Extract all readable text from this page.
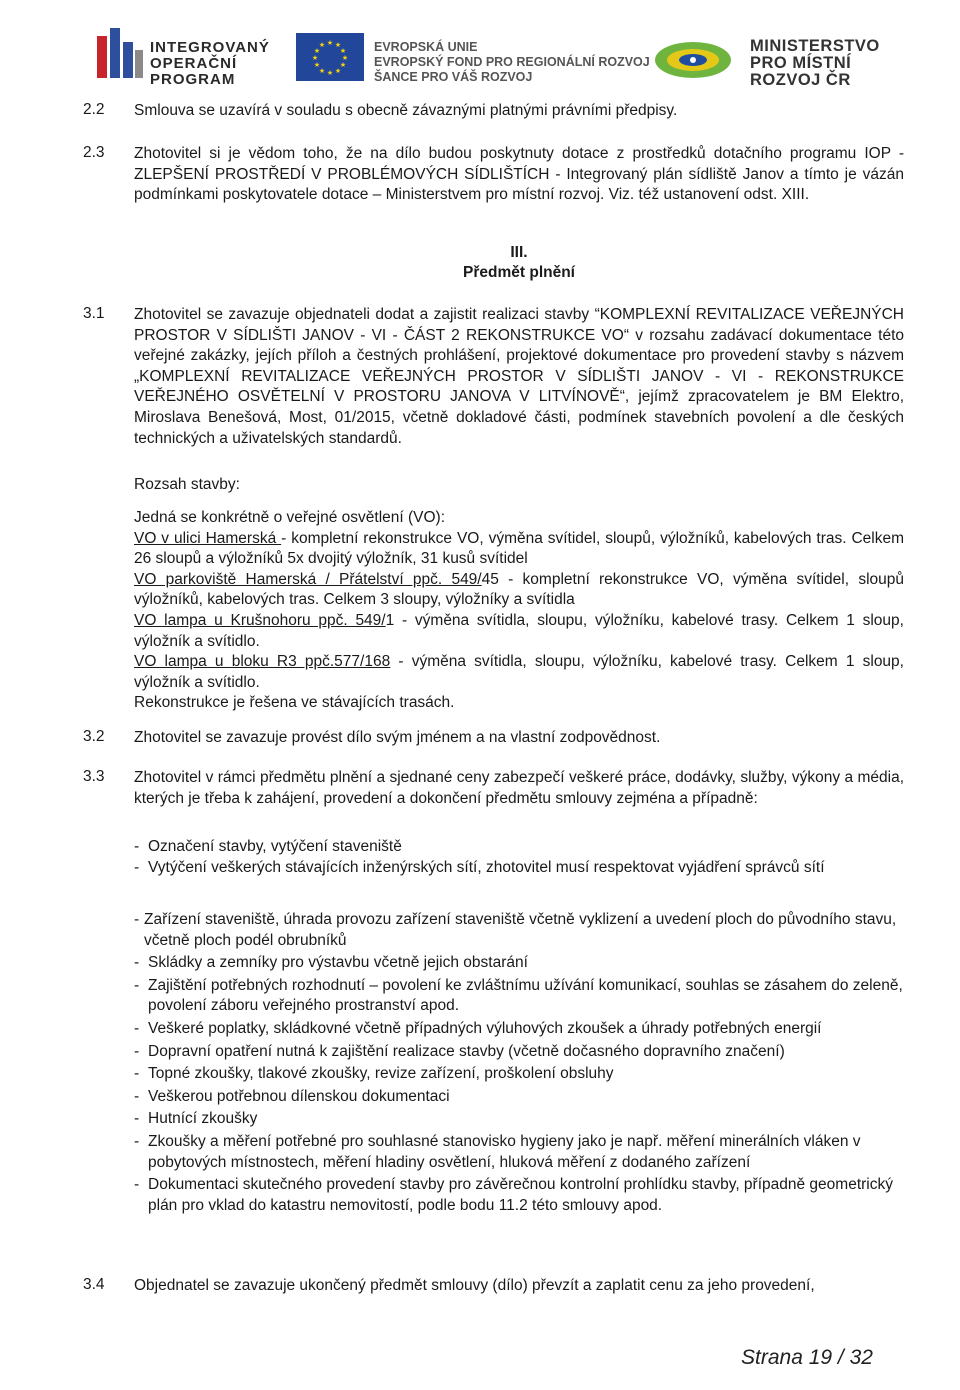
INTEGROVANÝ
OPERAČNÍ
PROGRAM
★ ★
★
★
★
★
★
★
★
★
★
★	EVROPSKÁ UNIE
EVROPSKÝ FOND PRO REGIONÁLNÍ ROZVOJ
ŠANCE PRO VÁŠ ROZVOJ
MINISTERSTVO
PRO MÍSTNÍ
ROZVOJ ČR
2.2 Smlouva se uzavírá v souladu s obecně závaznými platnými právními předpisy.
2.3 Zhotovitel si je vědom toho, že na dílo budou poskytnuty dotace z prostředků dotačního programu IOP - ZLEPŠENÍ PROSTŘEDÍ V PROBLÉMOVÝCH SÍDLIŠTÍCH - Integrovaný plán sídliště Janov a tímto je vázán podmínkami poskytovatele dotace – Ministerstvem pro místní rozvoj. Viz. též ustanovení odst. XIII.
III.
Předmět plnění
3.1 Zhotovitel se zavazuje objednateli dodat a zajistit realizaci stavby “KOMPLEXNÍ REVITALIZACE VEŘEJNÝCH PROSTOR V SÍDLIŠTI JANOV - VI - ČÁST 2 REKONSTRUKCE VO“ v rozsahu zadávací dokumentace této veřejné zakázky, jejích příloh a čestných prohlášení, projektové dokumentace pro provedení stavby s názvem „KOMPLEXNÍ REVITALIZACE VEŘEJNÝCH PROSTOR V SÍDLIŠTI JANOV - VI - REKONSTRUKCE VEŘEJNÉHO OSVĚTELNÍ V PROSTORU JANOVA V LITVÍNOVĚ“, jejímž zpracovatelem je BM Elektro, Miroslava Benešová, Most, 01/2015, včetně dokladové části, podmínek stavebních povolení a dle českých technických a uživatelských standardů.
Rozsah stavby:
Jedná se konkrétně o veřejné osvětlení (VO):
VO v ulici Hamerská - kompletní rekonstrukce VO, výměna svítidel, sloupů, výložníků, kabelových tras. Celkem 26 sloupů a výložníků 5x dvojitý výložník, 31 kusů svítidel
VO parkoviště Hamerská / Přátelství ppč. 549/45 - kompletní rekonstrukce VO, výměna svítidel, sloupů výložníků, kabelových tras. Celkem 3 sloupy, výložníky a svítidla
VO lampa u Krušnohoru ppč. 549/1 - výměna svítidla, sloupu, výložníku, kabelové trasy. Celkem 1 sloup, výložník a svítidlo.
VO lampa u bloku R3 ppč.577/168 - výměna svítidla, sloupu, výložníku, kabelové trasy. Celkem 1 sloup, výložník a svítidlo.
Rekonstrukce je řešena ve stávajících trasách.
3.2 Zhotovitel se zavazuje provést dílo svým jménem a na vlastní zodpovědnost.
3.3 Zhotovitel v rámci předmětu plnění a sjednané ceny zabezpečí veškeré práce, dodávky, služby, výkony a média, kterých je třeba k zahájení, provedení a dokončení předmětu smlouvy zejména a případně:
- Označení stavby, vytýčení staveniště
- Vytýčení veškerých stávajících inženýrských sítí, zhotovitel musí respektovat vyjádření správců sítí
- Zařízení staveniště, úhrada provozu zařízení staveniště včetně vyklizení a uvedení ploch do původního stavu, včetně ploch podél obrubníků
- Skládky a zemníky pro výstavbu včetně jejich obstarání
- Zajištění potřebných rozhodnutí – povolení ke zvláštnímu užívání komunikací, souhlas se zásahem do zeleně, povolení záboru veřejného prostranství apod.
- Veškeré poplatky, skládkovné včetně případných výluhových zkoušek a úhrady potřebných energií
- Dopravní opatření nutná k zajištění realizace stavby (včetně dočasného dopravního značení)
- Topné zkoušky, tlakové zkoušky, revize zařízení, proškolení obsluhy
- Veškerou potřebnou dílenskou dokumentaci
- Hutnící zkoušky
- Zkoušky a měření potřebné pro souhlasné stanovisko hygieny jako je např. měření minerálních vláken v pobytových místnostech, měření hladiny osvětlení, hluková měření z dodaného zařízení
- Dokumentaci skutečného provedení stavby pro závěrečnou kontrolní prohlídku stavby, případně geometrický plán pro vklad do katastru nemovitostí, podle bodu 11.2 této smlouvy apod.
3.4 Objednatel se zavazuje ukončený předmět smlouvy (dílo) převzít a zaplatit cenu za jeho provedení,
Strana 19 / 32
